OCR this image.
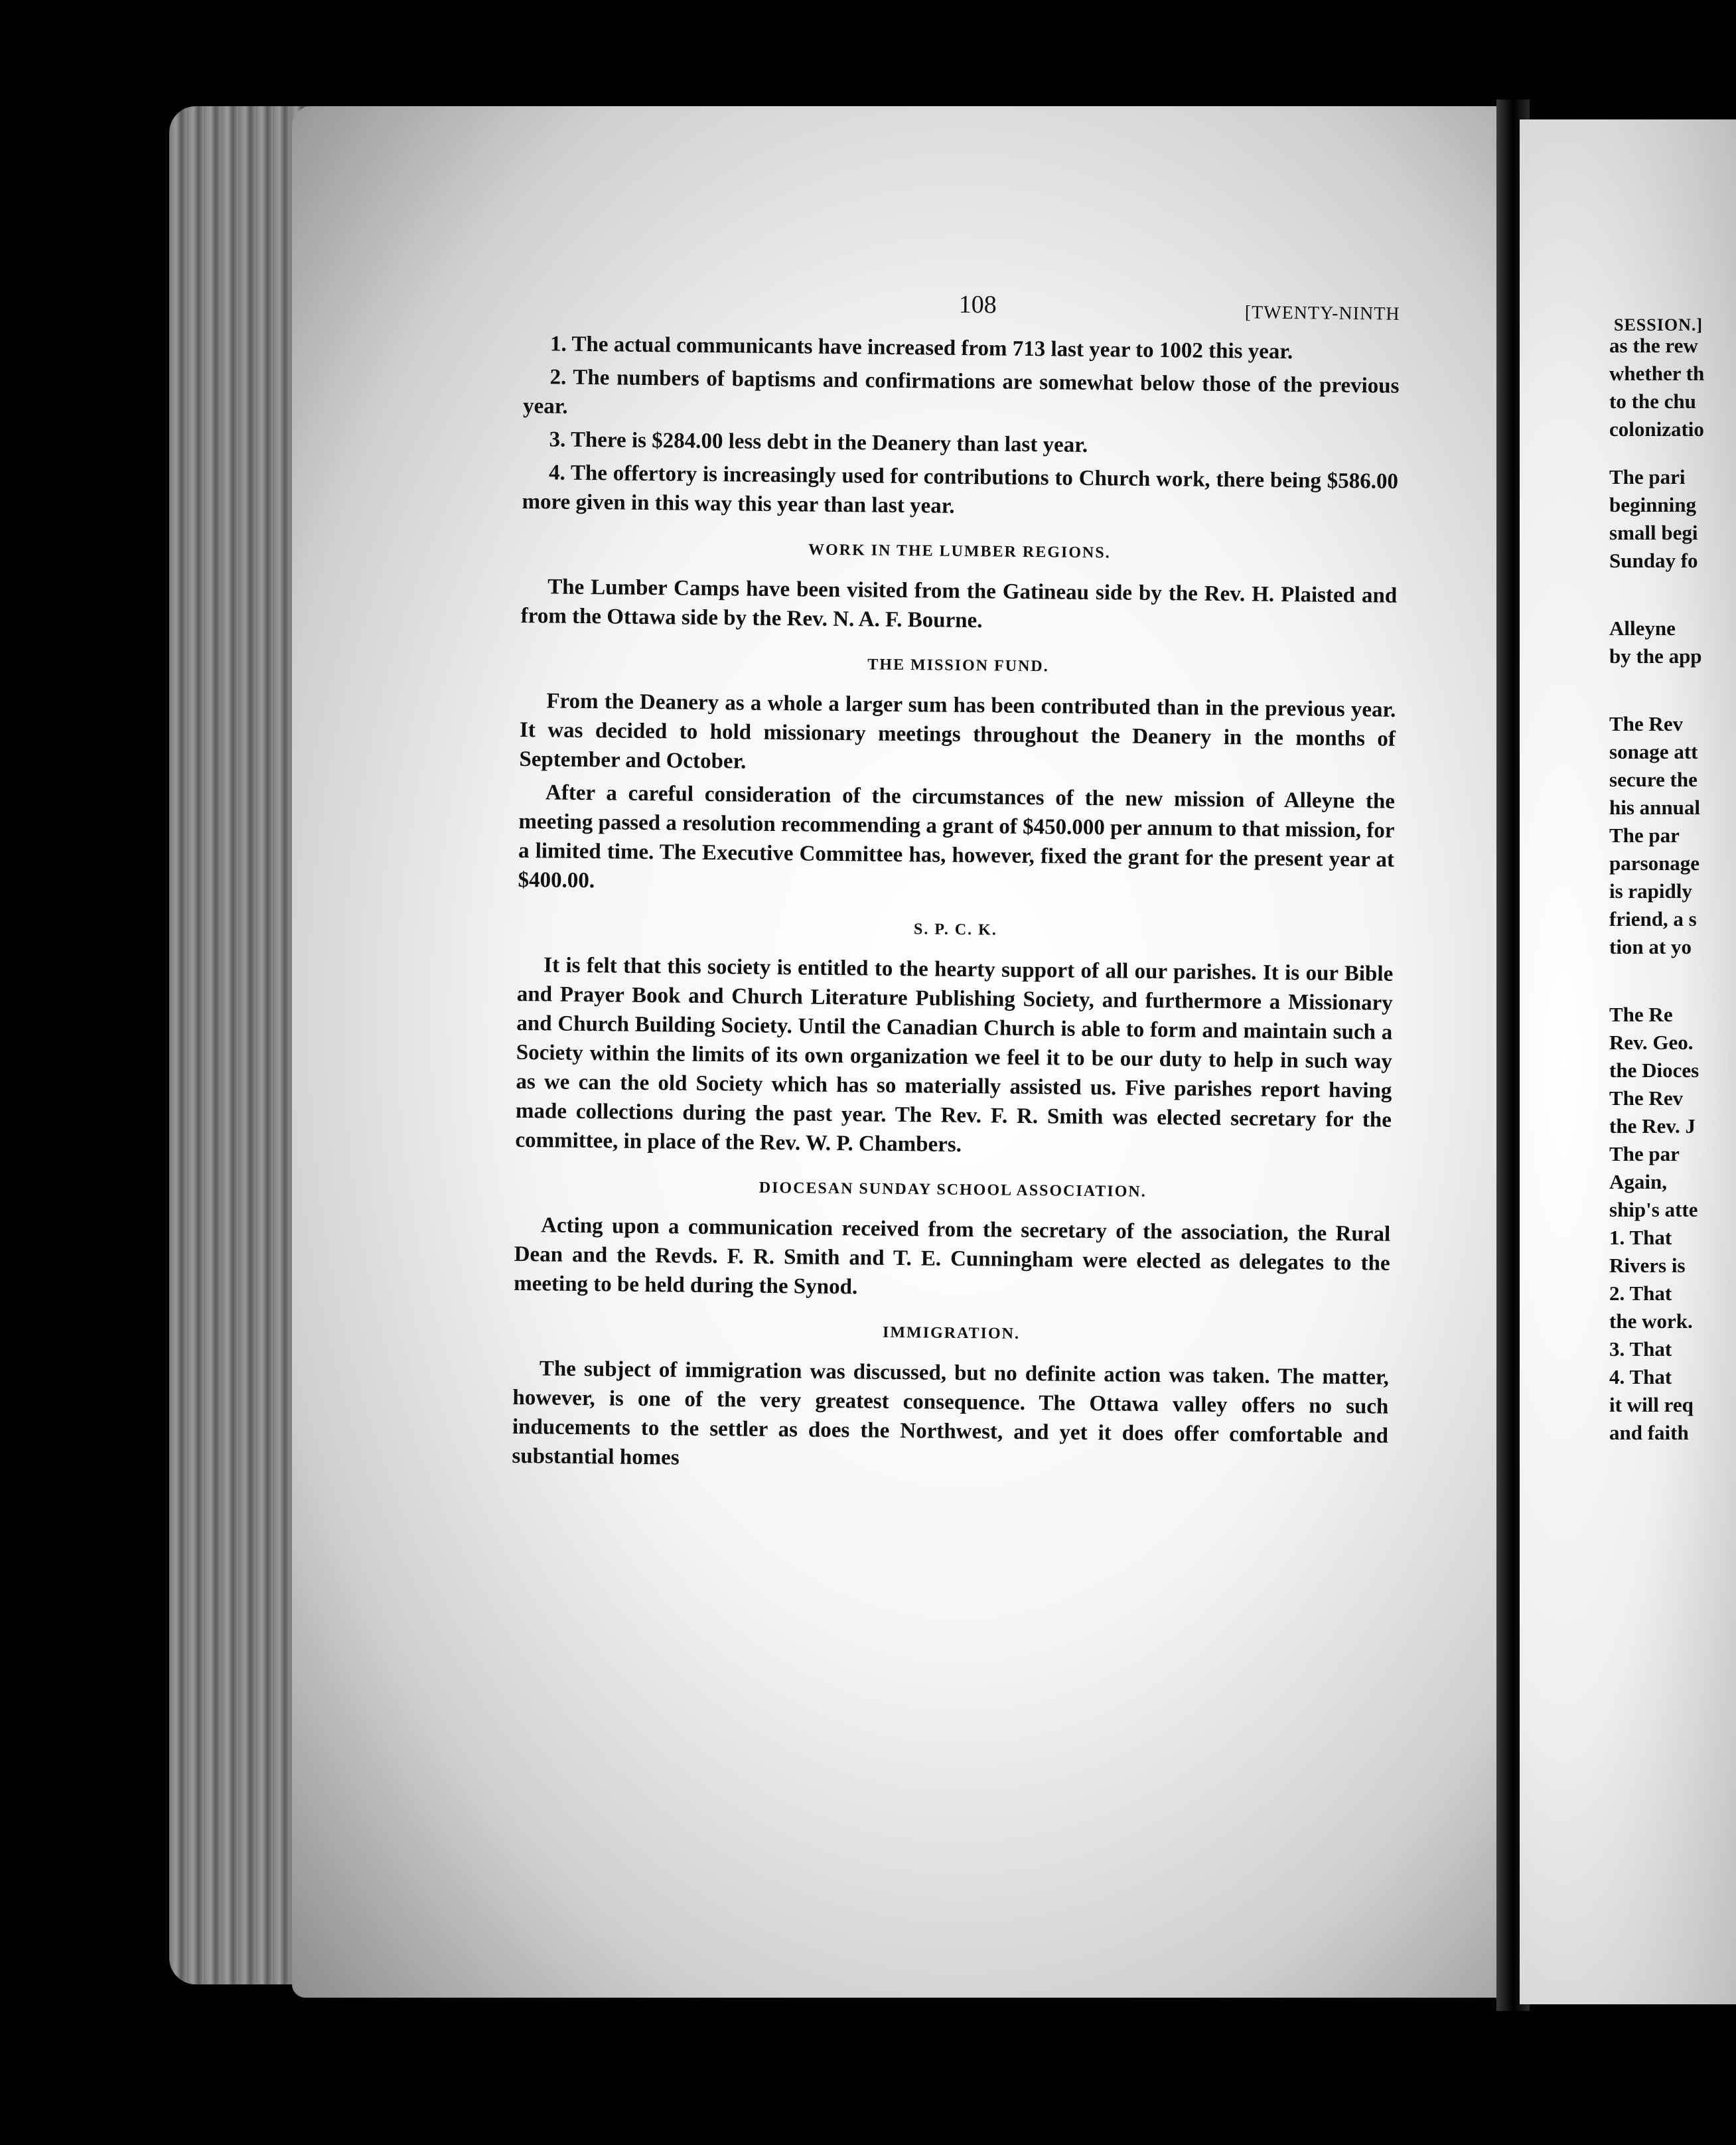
108	[TWENTY-NINTH

1. The actual communicants have increased from 713 last year to 1002 this year.

2. The numbers of baptisms and confirmations are somewhat below those of the previous year.

3. There is $284.00 less debt in the Deanery than last year.

4. The offertory is increasingly used for contributions to Church work, there being $586.00 more given in this way this year than last year.

WORK IN THE LUMBER REGIONS.

The Lumber Camps have been visited from the Gatineau side by the Rev. H. Plaisted and from the Ottawa side by the Rev. N. A. F. Bourne.

THE MISSION FUND.

From the Deanery as a whole a larger sum has been contributed than in the previous year. It was decided to hold missionary meetings throughout the Deanery in the months of September and October.

After a careful consideration of the circumstances of the new mission of Alleyne the meeting passed a resolution recommending a grant of $450.000 per annum to that mission, for a limited time. The Executive Committee has, however, fixed the grant for the present year at $400.00.

S. P. C. K.

It is felt that this society is entitled to the hearty support of all our parishes. It is our Bible and Prayer Book and Church Literature Publishing Society, and furthermore a Missionary and Church Building Society. Until the Canadian Church is able to form and maintain such a Society within the limits of its own organization we feel it to be our duty to help in such way as we can the old Society which has so materially assisted us. Five parishes report having made collections during the past year. The Rev. F. R. Smith was elected secretary for the committee, in place of the Rev. W. P. Chambers.

DIOCESAN SUNDAY SCHOOL ASSOCIATION.

Acting upon a communication received from the secretary of the association, the Rural Dean and the Revds. F. R. Smith and T. E. Cunningham were elected as delegates to the meeting to be held during the Synod.

IMMIGRATION.

The subject of immigration was discussed, but no definite action was taken. The matter, however, is one of the very greatest consequence. The Ottawa valley offers no such inducements to the settler as does the Northwest, and yet it does offer comfortable and substantial homes

SESSION.]
as the rew
whether th
to the chu
colonizatio
The pari
beginning
small begi
Sunday fo
Alleyne
by the app
The Rev
sonage att
secure the
his annual
The par
parsonage
is rapidly
friend, a s
tion at yo
The Re
Rev. Geo.
the Dioces
The Rev
the Rev. J
The par
Again,
ship's atte
1. That
Rivers is
2. That
the work.
3. That
4. That
it will req
and faith
